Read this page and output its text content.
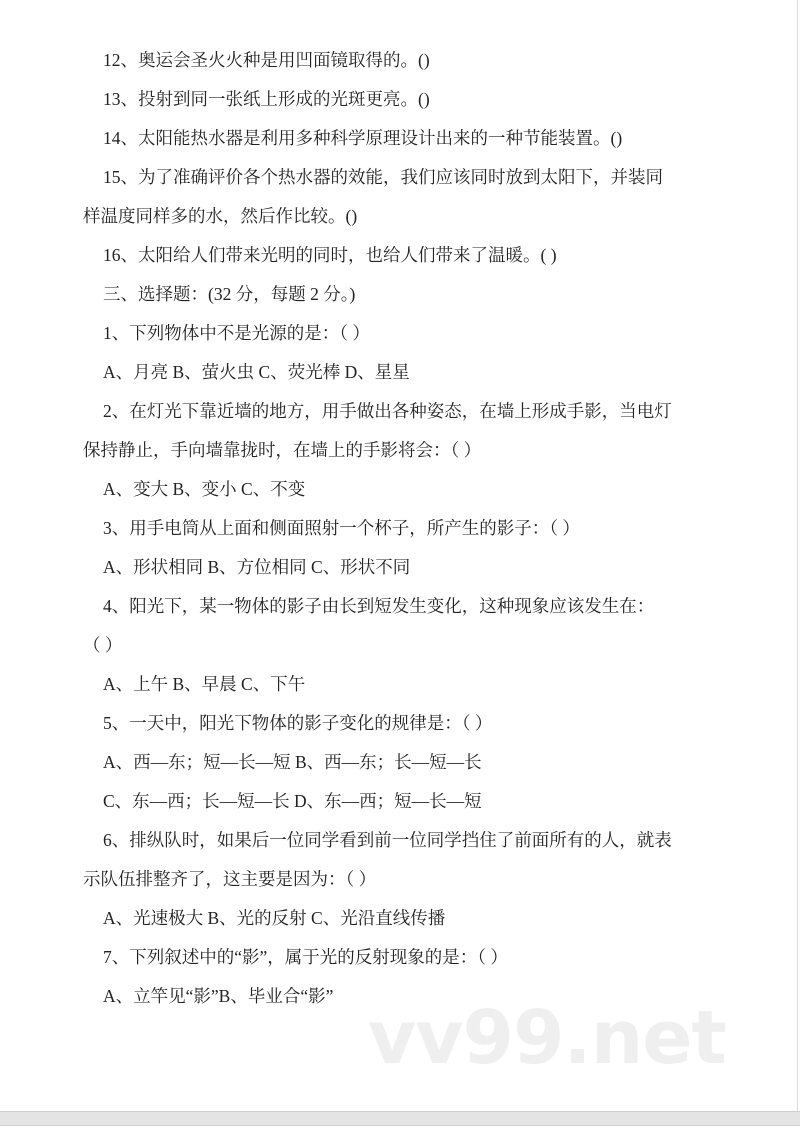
12、奥运会圣火火种是用凹面镜取得的。()
13、投射到同一张纸上形成的光斑更亮。()
14、太阳能热水器是利用多种科学原理设计出来的一种节能装置。()
15、为了准确评价各个热水器的效能，我们应该同时放到太阳下，并装同
样温度同样多的水，然后作比较。()
16、太阳给人们带来光明的同时，也给人们带来了温暖。( )
三、选择题：(32 分，每题 2 分。)
1、下列物体中不是光源的是：（ ）
A、月亮 B、萤火虫 C、荧光棒 D、星星
2、在灯光下靠近墙的地方，用手做出各种姿态，在墙上形成手影，当电灯
保持静止，手向墙靠拢时，在墙上的手影将会：（ ）
A、变大 B、变小 C、不变
3、用手电筒从上面和侧面照射一个杯子，所产生的影子：（ ）
A、形状相同 B、方位相同 C、形状不同
4、阳光下，某一物体的影子由长到短发生变化，这种现象应该发生在：
（ ）
A、上午 B、早晨 C、下午
5、一天中，阳光下物体的影子变化的规律是：（ ）
A、西—东；短—长—短 B、西—东；长—短—长
C、东—西；长—短—长 D、东—西；短—长—短
6、排纵队时，如果后一位同学看到前一位同学挡住了前面所有的人，就表
示队伍排整齐了，这主要是因为：（ ）
A、光速极大 B、光的反射 C、光沿直线传播
7、下列叙述中的“影”，属于光的反射现象的是：（ ）
A、立竿见“影”B、毕业合“影” vv99.net
